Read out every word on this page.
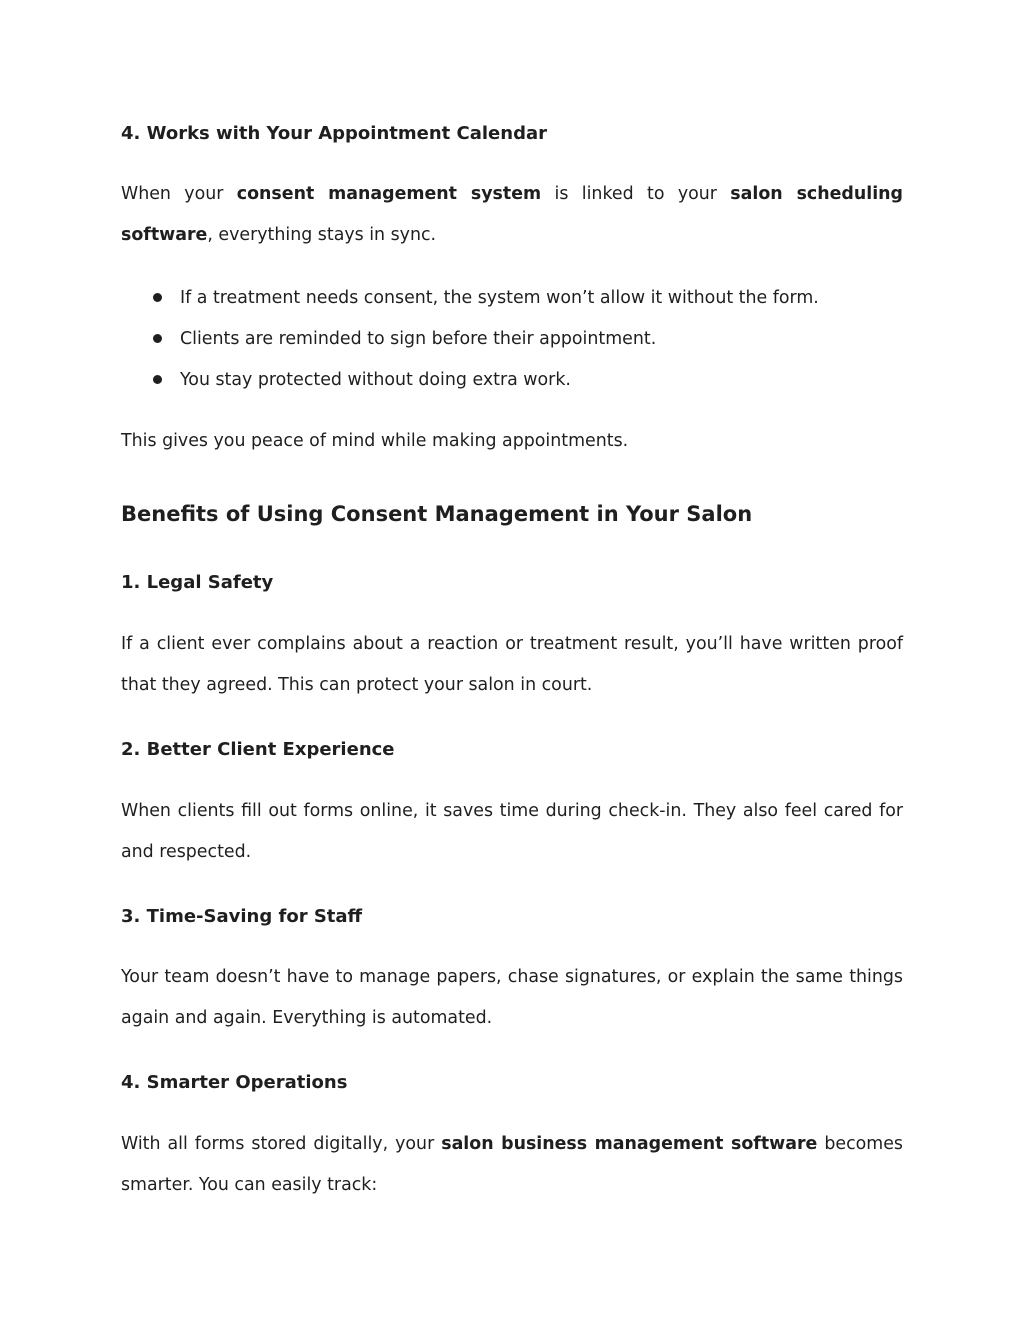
4. Works with Your Appointment Calendar

When your consent management system is linked to your salon scheduling software, everything stays in sync.

If a treatment needs consent, the system won’t allow it without the form.
Clients are reminded to sign before their appointment.
You stay protected without doing extra work.

This gives you peace of mind while making appointments.

Benefits of Using Consent Management in Your Salon
1. Legal Safety

If a client ever complains about a reaction or treatment result, you’ll have written proof that they agreed. This can protect your salon in court.

2. Better Client Experience

When clients fill out forms online, it saves time during check-in. They also feel cared for and respected.

3. Time-Saving for Staff

Your team doesn’t have to manage papers, chase signatures, or explain the same things again and again. Everything is automated.

4. Smarter Operations

With all forms stored digitally, your salon business management software becomes smarter. You can easily track:
